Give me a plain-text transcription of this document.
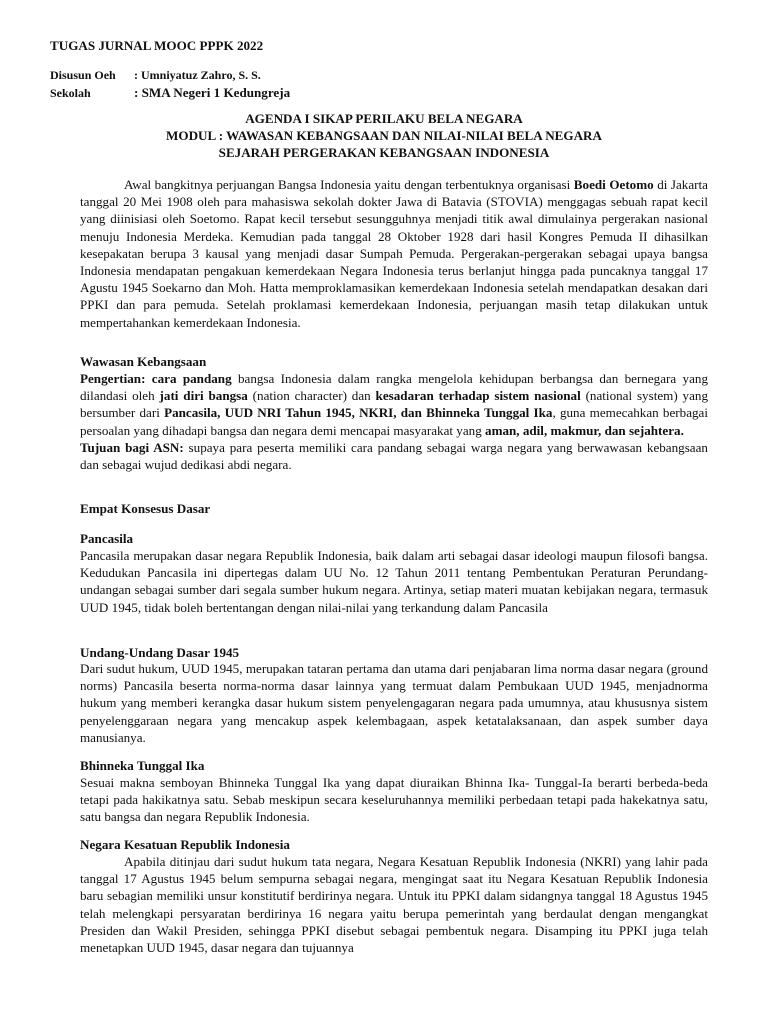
TUGAS JURNAL MOOC PPPK 2022
Disusun Oeh : Umniyatuz Zahro, S. S.
Sekolah	: SMA Negeri 1 Kedungreja
AGENDA I SIKAP PERILAKU BELA NEGARA
MODUL : WAWASAN KEBANGSAAN DAN NILAI-NILAI BELA NEGARA
SEJARAH PERGERAKAN KEBANGSAAN INDONESIA

Awal bangkitnya perjuangan Bangsa Indonesia yaitu dengan terbentuknya organisasi Boedi Oetomo di Jakarta tanggal 20 Mei 1908 oleh para mahasiswa sekolah dokter Jawa di Batavia (STOVIA) menggagas sebuah rapat kecil yang diinisiasi oleh Soetomo. Rapat kecil tersebut sesungguhnya menjadi titik awal dimulainya pergerakan nasional menuju Indonesia Merdeka. Kemudian pada tanggal 28 Oktober 1928 dari hasil Kongres Pemuda II dihasilkan kesepakatan berupa 3 kausal yang menjadi dasar Sumpah Pemuda. Pergerakan-pergerakan sebagai upaya bangsa Indonesia mendapatan pengakuan kemerdekaan Negara Indonesia terus berlanjut hingga pada puncaknya tanggal 17 Agustu 1945 Soekarno dan Moh. Hatta memproklamasikan kemerdekaan Indonesia setelah mendapatkan desakan dari PPKI dan para pemuda. Setelah proklamasi kemerdekaan Indonesia, perjuangan masih tetap dilakukan untuk mempertahankan kemerdekaan Indonesia.

Wawasan Kebangsaan

Pengertian: cara pandang bangsa Indonesia dalam rangka mengelola kehidupan berbangsa dan bernegara yang dilandasi oleh jati diri bangsa (nation character) dan kesadaran terhadap sistem nasional (national system) yang bersumber dari Pancasila, UUD NRI Tahun 1945, NKRI, dan Bhinneka Tunggal Ika, guna memecahkan berbagai persoalan yang dihadapi bangsa dan negara demi mencapai masyarakat yang aman, adil, makmur, dan sejahtera.
Tujuan bagi ASN: supaya para peserta memiliki cara pandang sebagai warga negara yang berwawasan kebangsaan dan sebagai wujud dedikasi abdi negara.

Empat Konsesus Dasar
Pancasila

Pancasila merupakan dasar negara Republik Indonesia, baik dalam arti sebagai dasar ideologi maupun filosofi bangsa. Kedudukan Pancasila ini dipertegas dalam UU No. 12 Tahun 2011 tentang Pembentukan Peraturan Perundang-undangan sebagai sumber dari segala sumber hukum negara. Artinya, setiap materi muatan kebijakan negara, termasuk UUD 1945, tidak boleh bertentangan dengan nilai-nilai yang terkandung dalam Pancasila

Undang-Undang Dasar 1945

Dari sudut hukum, UUD 1945, merupakan tataran pertama dan utama dari penjabaran lima norma dasar negara (ground norms) Pancasila beserta norma-norma dasar lainnya yang termuat dalam Pembukaan UUD 1945, menjadnorma hukum yang memberi kerangka dasar hukum sistem penyelengagaran negara pada umumnya, atau khususnya sistem penyelenggaraan negara yang mencakup aspek kelembagaan, aspek ketatalaksanaan, dan aspek sumber daya manusianya.

Bhinneka Tunggal Ika

Sesuai makna semboyan Bhinneka Tunggal Ika yang dapat diuraikan Bhinna Ika- Tunggal-Ia berarti berbeda-beda tetapi pada hakikatnya satu. Sebab meskipun secara keseluruhannya memiliki perbedaan tetapi pada hakekatnya satu, satu bangsa dan negara Republik Indonesia.

Negara Kesatuan Republik Indonesia

Apabila ditinjau dari sudut hukum tata negara, Negara Kesatuan Republik Indonesia (NKRI) yang lahir pada tanggal 17 Agustus 1945 belum sempurna sebagai negara, mengingat saat itu Negara Kesatuan Republik Indonesia baru sebagian memiliki unsur konstitutif berdirinya negara. Untuk itu PPKI dalam sidangnya tanggal 18 Agustus 1945 telah melengkapi persyaratan berdirinya 16 negara yaitu berupa pemerintah yang berdaulat dengan mengangkat Presiden dan Wakil Presiden, sehingga PPKI disebut sebagai pembentuk negara. Disamping itu PPKI juga telah menetapkan UUD 1945, dasar negara dan tujuannya
